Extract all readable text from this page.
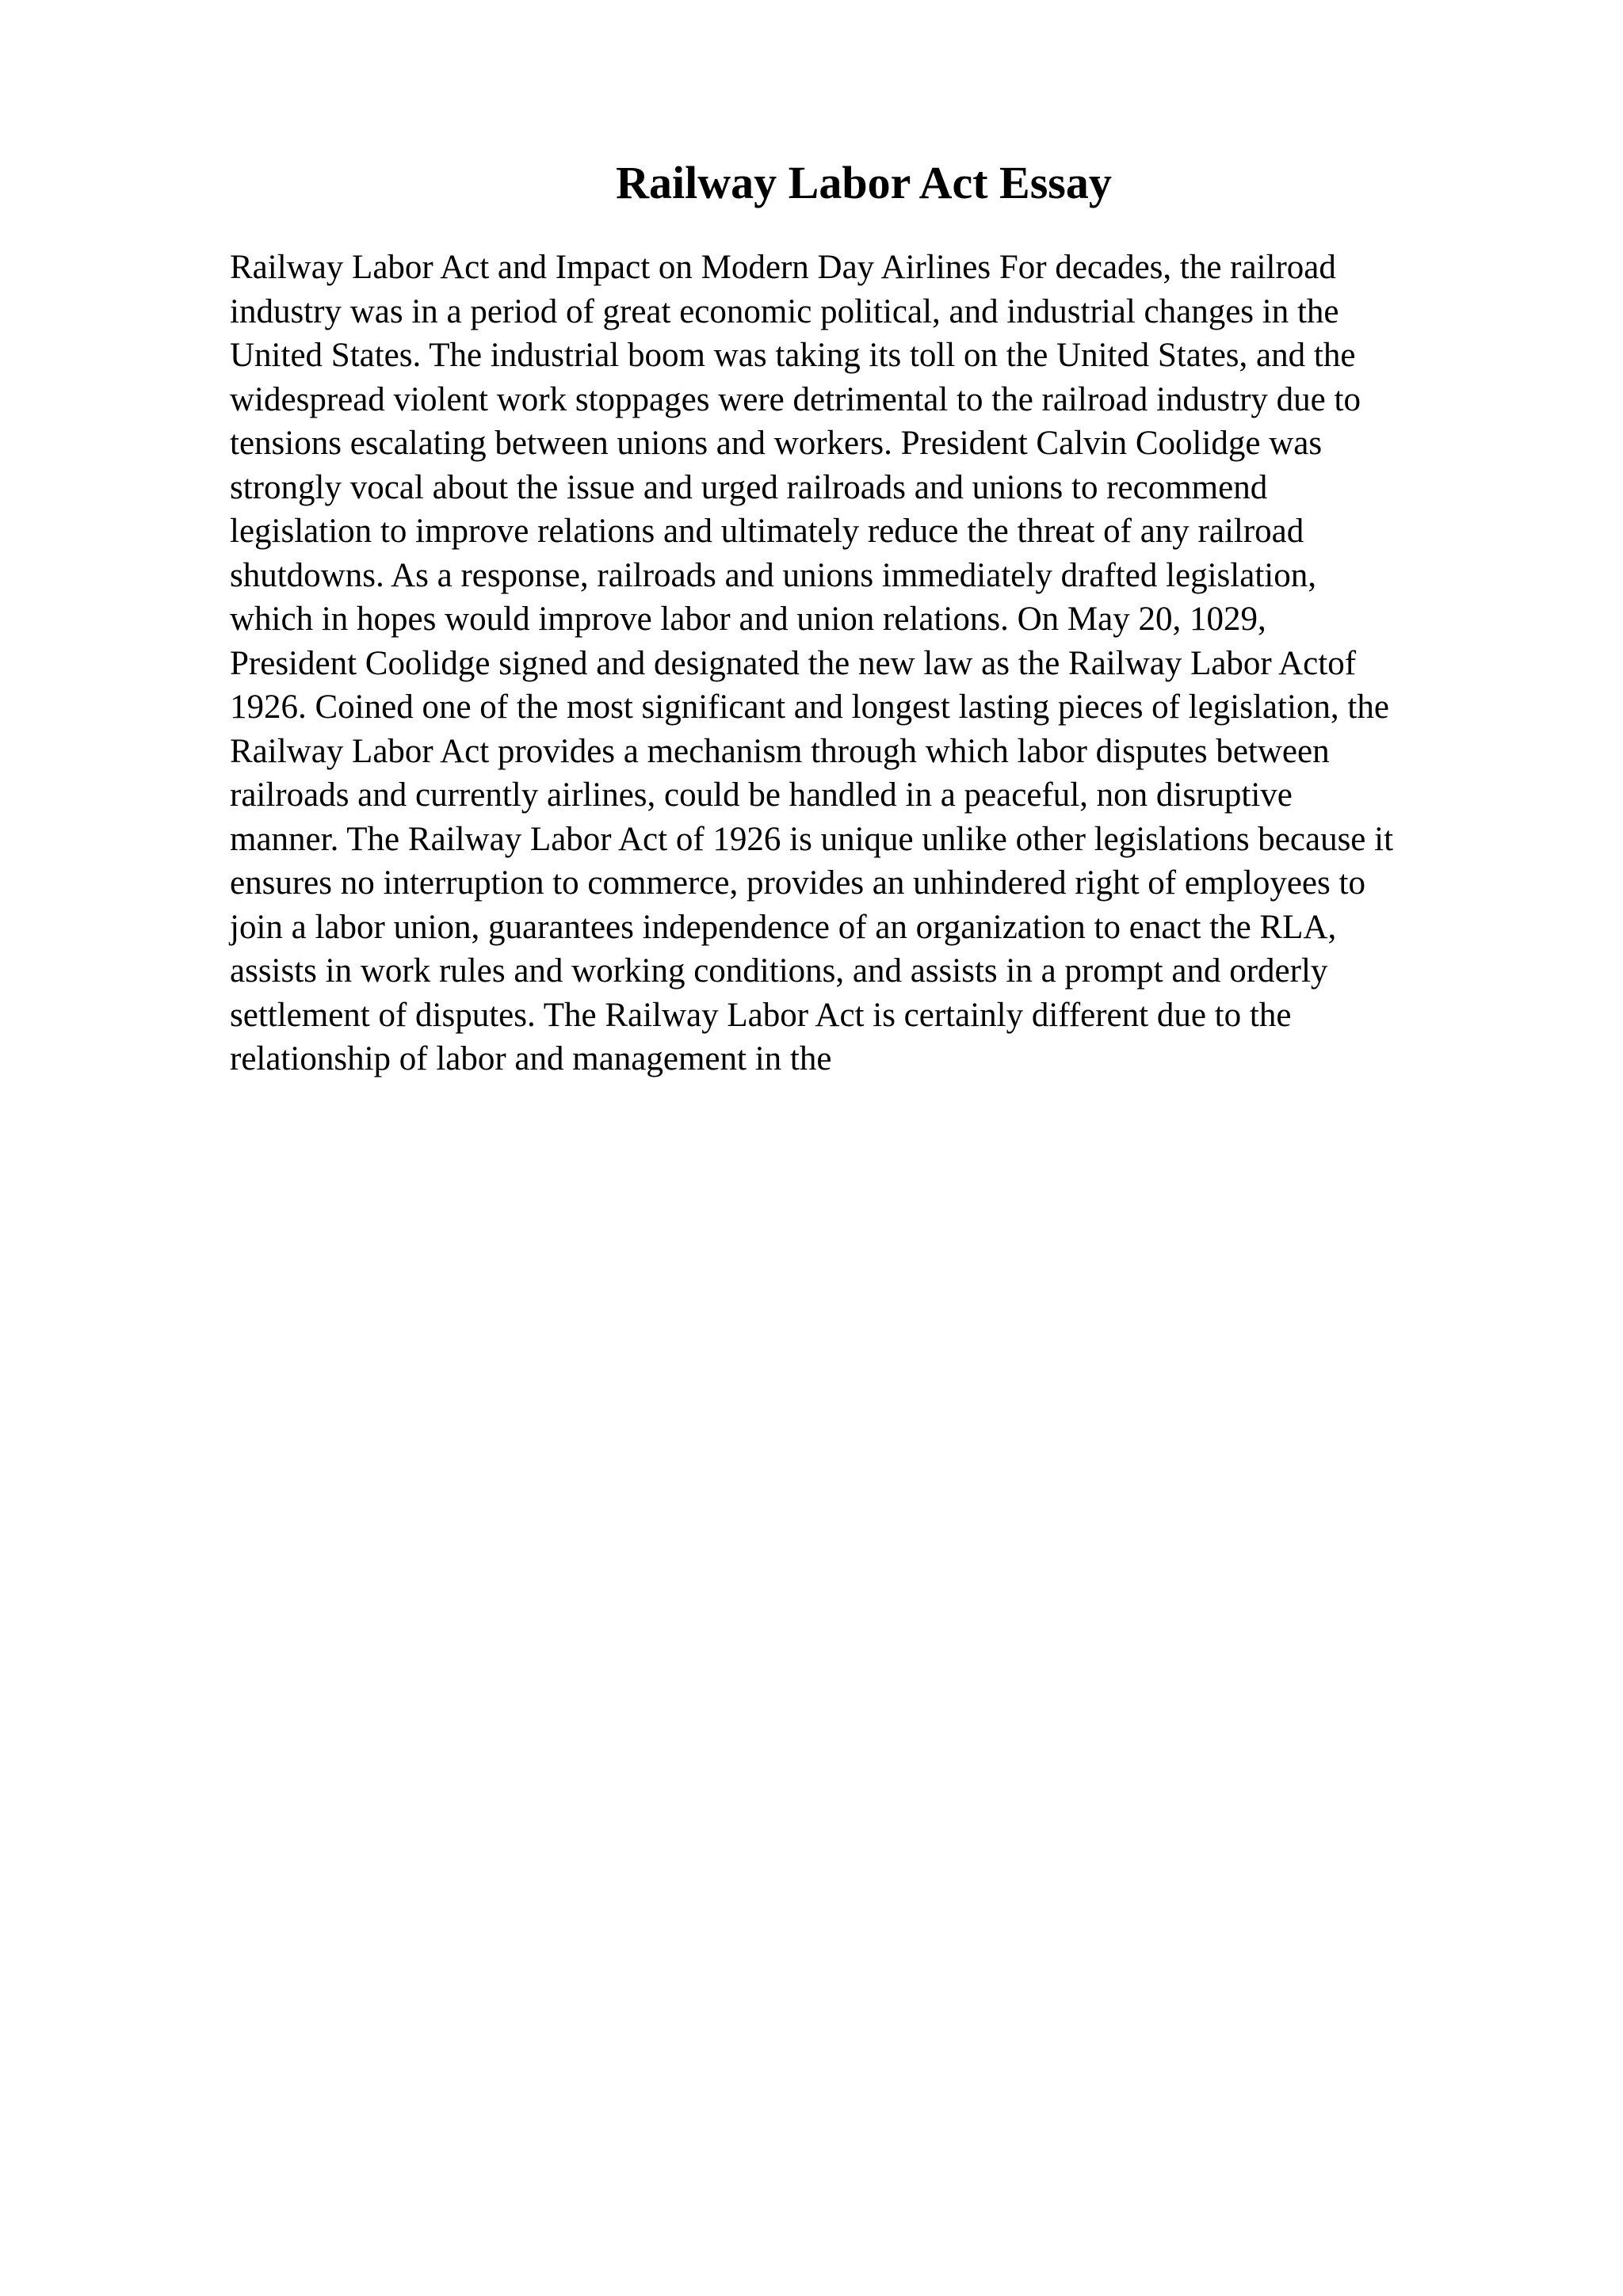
Railway Labor Act Essay
Railway Labor Act and Impact on Modern Day Airlines For decades, the railroad
industry was in a period of great economic political, and industrial changes in the
United States. The industrial boom was taking its toll on the United States, and the
widespread violent work stoppages were detrimental to the railroad industry due to
tensions escalating between unions and workers. President Calvin Coolidge was
strongly vocal about the issue and urged railroads and unions to recommend
legislation to improve relations and ultimately reduce the threat of any railroad
shutdowns. As a response, railroads and unions immediately drafted legislation,
which in hopes would improve labor and union relations. On May 20, 1029,
President Coolidge signed and designated the new law as the Railway Labor Actof
1926. Coined one of the most significant and longest lasting pieces of legislation, the
Railway Labor Act provides a mechanism through which labor disputes between
railroads and currently airlines, could be handled in a peaceful, non disruptive
manner. The Railway Labor Act of 1926 is unique unlike other legislations because it
ensures no interruption to commerce, provides an unhindered right of employees to
join a labor union, guarantees independence of an organization to enact the RLA,
assists in work rules and working conditions, and assists in a prompt and orderly
settlement of disputes. The Railway Labor Act is certainly different due to the
relationship of labor and management in the
